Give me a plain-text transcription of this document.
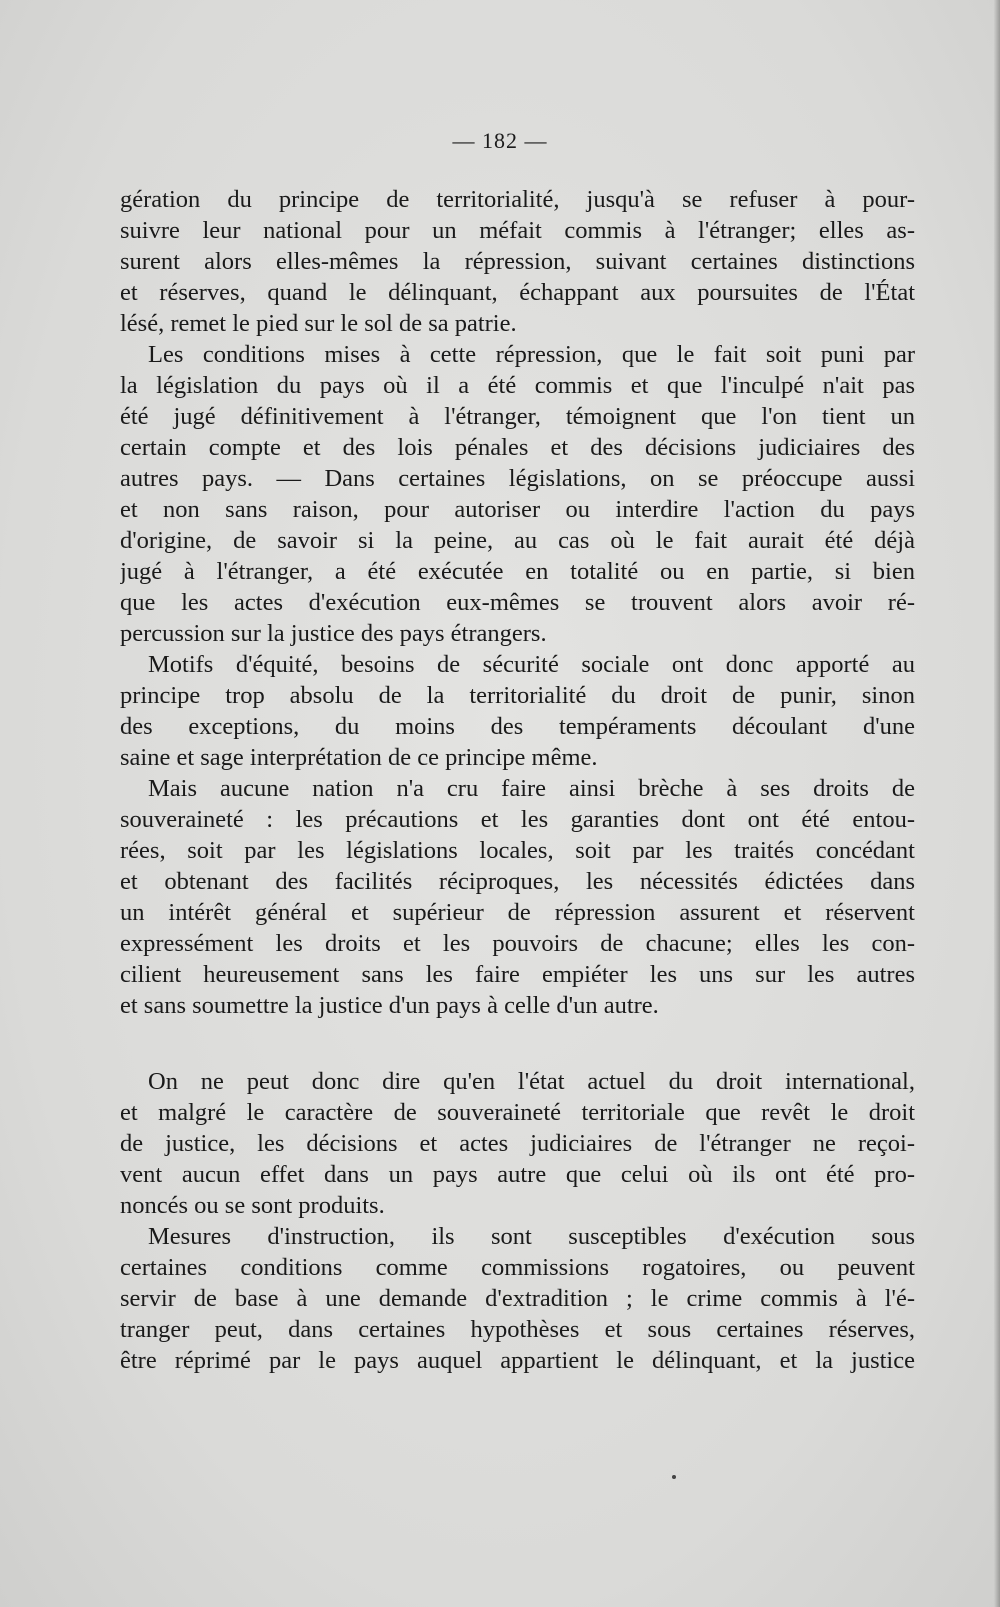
— 182 —
gération du principe de territorialité, jusqu'à se refuser à pour-
suivre leur national pour un méfait commis à l'étranger; elles as-
surent alors elles-mêmes la répression, suivant certaines distinctions
et réserves, quand le délinquant, échappant aux poursuites de l'État
lésé, remet le pied sur le sol de sa patrie.
Les conditions mises à cette répression, que le fait soit puni par
la législation du pays où il a été commis et que l'inculpé n'ait pas
été jugé définitivement à l'étranger, témoignent que l'on tient un
certain compte et des lois pénales et des décisions judiciaires des
autres pays. — Dans certaines législations, on se préoccupe aussi
et non sans raison, pour autoriser ou interdire l'action du pays
d'origine, de savoir si la peine, au cas où le fait aurait été déjà
jugé à l'étranger, a été exécutée en totalité ou en partie, si bien
que les actes d'exécution eux-mêmes se trouvent alors avoir ré-
percussion sur la justice des pays étrangers.
Motifs d'équité, besoins de sécurité sociale ont donc apporté au
principe trop absolu de la territorialité du droit de punir, sinon
des exceptions, du moins des tempéraments découlant d'une
saine et sage interprétation de ce principe même.
Mais aucune nation n'a cru faire ainsi brèche à ses droits de
souveraineté : les précautions et les garanties dont ont été entou-
rées, soit par les législations locales, soit par les traités concédant
et obtenant des facilités réciproques, les nécessités édictées dans
un intérêt général et supérieur de répression assurent et réservent
expressément les droits et les pouvoirs de chacune; elles les con-
cilient heureusement sans les faire empiéter les uns sur les autres
et sans soumettre la justice d'un pays à celle d'un autre.
On ne peut donc dire qu'en l'état actuel du droit international,
et malgré le caractère de souveraineté territoriale que revêt le droit
de justice, les décisions et actes judiciaires de l'étranger ne reçoi-
vent aucun effet dans un pays autre que celui où ils ont été pro-
noncés ou se sont produits.
Mesures d'instruction, ils sont susceptibles d'exécution sous
certaines conditions comme commissions rogatoires, ou peuvent
servir de base à une demande d'extradition ; le crime commis à l'é-
tranger peut, dans certaines hypothèses et sous certaines réserves,
être réprimé par le pays auquel appartient le délinquant, et la justice
